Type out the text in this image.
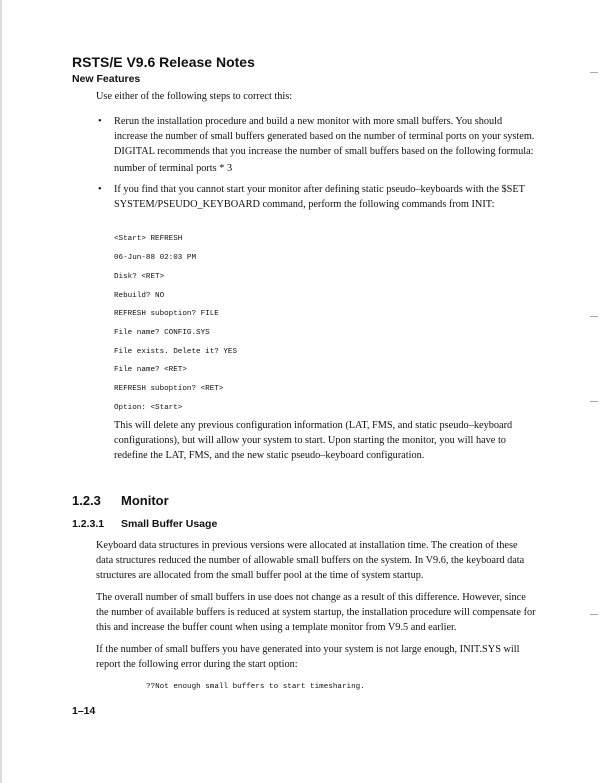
RSTS/E V9.6 Release Notes
New Features
Use either of the following steps to correct this:
• Rerun the installation procedure and build a new monitor with more small buffers. You should
increase the number of small buffers generated based on the number of terminal ports on your system.
DIGITAL recommends that you increase the number of small buffers based on the following formula:
number of terminal ports * 3
• If you find that you cannot start your monitor after defining static pseudo–keyboards with the $SET
SYSTEM/PSEUDO_KEYBOARD command, perform the following commands from INIT:
<Start> REFRESH
06-Jun-88 02:03 PM
Disk? <RET>
Rebuild? NO
REFRESH suboption? FILE
File name? CONFIG.SYS
File exists. Delete it? YES
File name? <RET>
REFRESH suboption? <RET>
Option: <Start>
This will delete any previous configuration information (LAT, FMS, and static pseudo–keyboard
configurations), but will allow your system to start. Upon starting the monitor, you will have to
redefine the LAT, FMS, and the new static pseudo–keyboard configuration.
1.2.3 Monitor
1.2.3.1 Small Buffer Usage
Keyboard data structures in previous versions were allocated at installation time. The creation of these
data structures reduced the number of allowable small buffers on the system. In V9.6, the keyboard data
structures are allocated from the small buffer pool at the time of system startup.
The overall number of small buffers in use does not change as a result of this difference. However, since
the number of available buffers is reduced at system startup, the installation procedure will compensate for
this and increase the buffer count when using a template monitor from V9.5 and earlier.
If the number of small buffers you have generated into your system is not large enough, INIT.SYS will
report the following error during the start option:
??Not enough small buffers to start timesharing.
1–14
